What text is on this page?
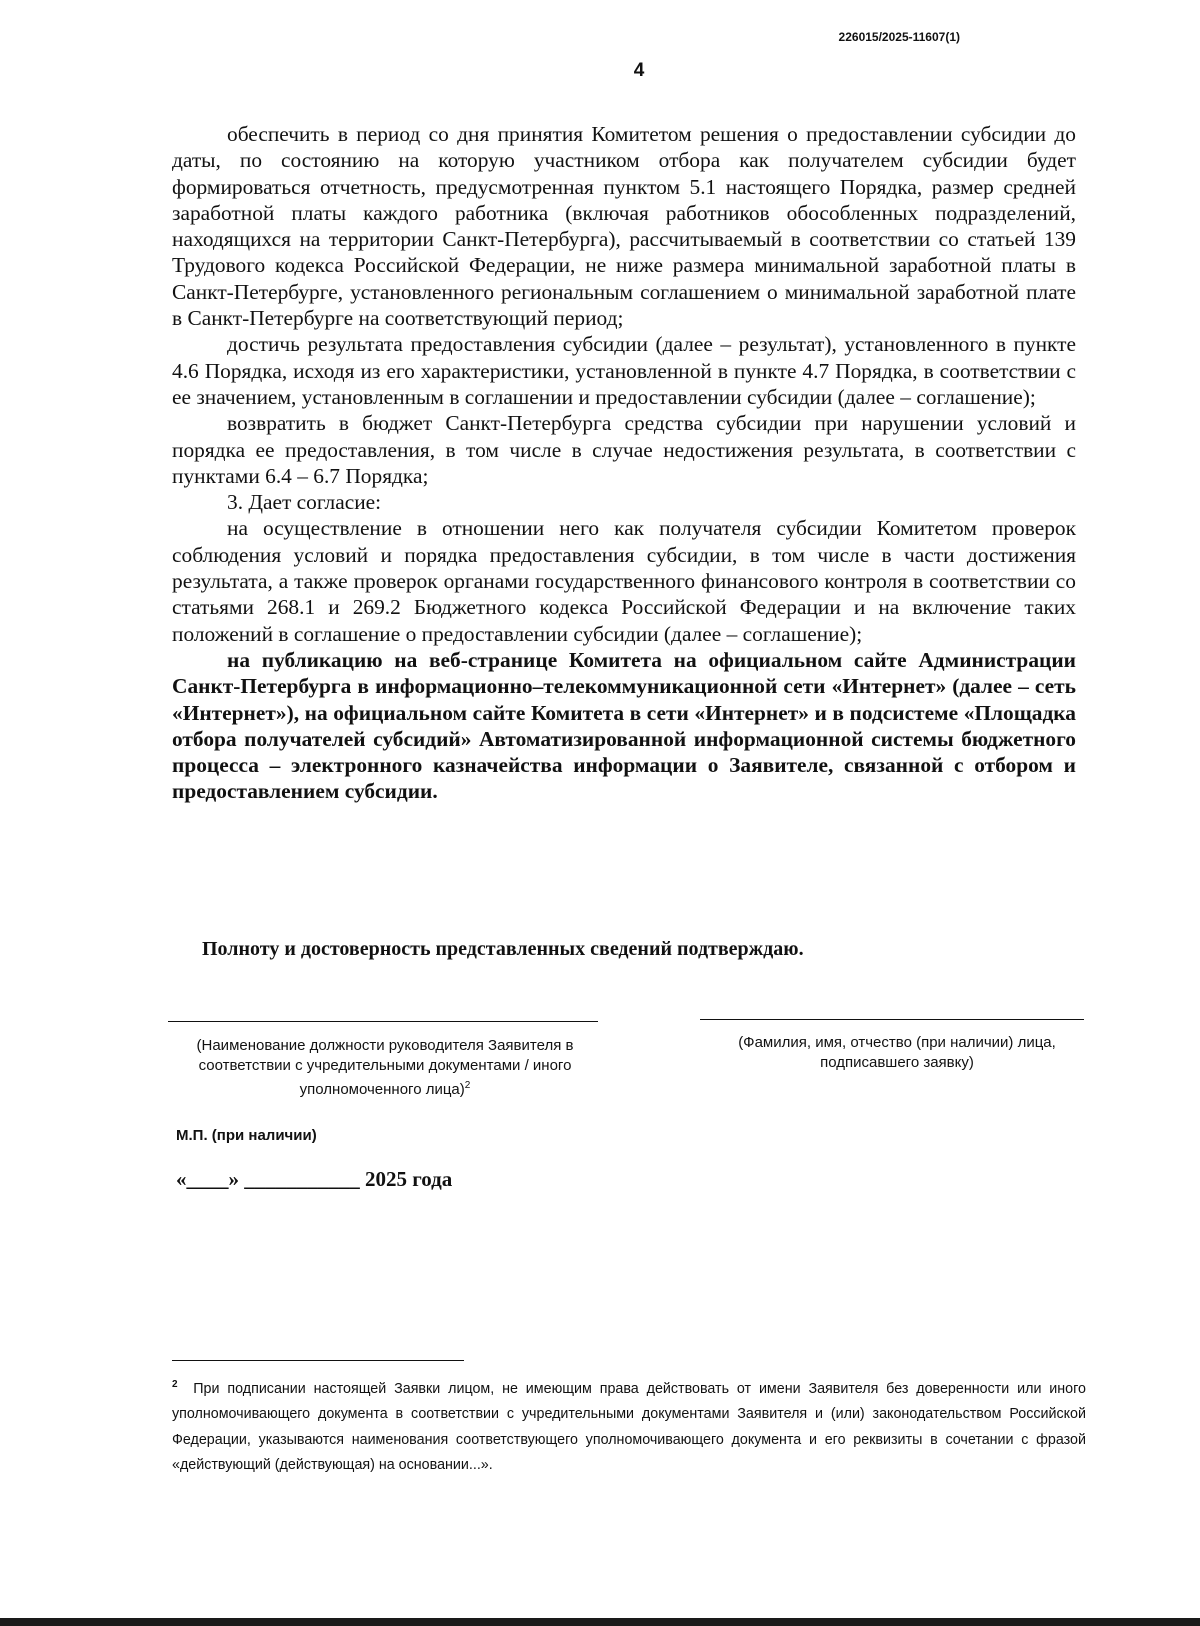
226015/2025-11607(1)
4

обеспечить в период со дня принятия Комитетом решения о предоставлении субсидии до даты, по состоянию на которую участником отбора как получателем субсидии будет формироваться отчетность, предусмотренная пунктом 5.1 настоящего Порядка, размер средней заработной платы каждого работника (включая работников обособленных подразделений, находящихся на территории Санкт-Петербурга), рассчитываемый в соответствии со статьей 139 Трудового кодекса Российской Федерации, не ниже размера минимальной заработной платы в Санкт-Петербурге, установленного региональным соглашением о минимальной заработной плате в Санкт-Петербурге на соответствующий период;

достичь результата предоставления субсидии (далее – результат), установленного в пункте 4.6 Порядка, исходя из его характеристики, установленной в пункте 4.7 Порядка, в соответствии с ее значением, установленным в соглашении и предоставлении субсидии (далее – соглашение);

возвратить в бюджет Санкт-Петербурга средства субсидии при нарушении условий и порядка ее предоставления, в том числе в случае недостижения результата, в соответствии с пунктами 6.4 – 6.7 Порядка;

3. Дает согласие:

на осуществление в отношении него как получателя субсидии Комитетом проверок соблюдения условий и порядка предоставления субсидии, в том числе в части достижения результата, а также проверок органами государственного финансового контроля в соответствии со статьями 268.1 и 269.2 Бюджетного кодекса Российской Федерации и на включение таких положений в соглашение о предоставлении субсидии (далее – соглашение);

на публикацию на веб-странице Комитета на официальном сайте Администрации Санкт-Петербурга в информационно–телекоммуникационной сети «Интернет» (далее – сеть «Интернет»), на официальном сайте Комитета в сети «Интернет» и в подсистеме «Площадка отбора получателей субсидий» Автоматизированной информационной системы бюджетного процесса – электронного казначейства информации о Заявителе, связанной с отбором и предоставлением субсидии.

Полноту и достоверность представленных сведений подтверждаю.
(Наименование должности руководителя Заявителя в соответствии с учредительными документами / иного уполномоченного лица)$^2$
(Фамилия, имя, отчество (при наличии) лица, подписавшего заявку)
М.П. (при наличии)
«____» ___________ 2025 года
$^2$ При подписании настоящей Заявки лицом, не имеющим права действовать от имени Заявителя без доверенности или иного уполномочивающего документа в соответствии с учредительными документами Заявителя и (или) законодательством Российской Федерации, указываются наименования соответствующего уполномочивающего документа и его реквизиты в сочетании с фразой «действующий (действующая) на основании...».
